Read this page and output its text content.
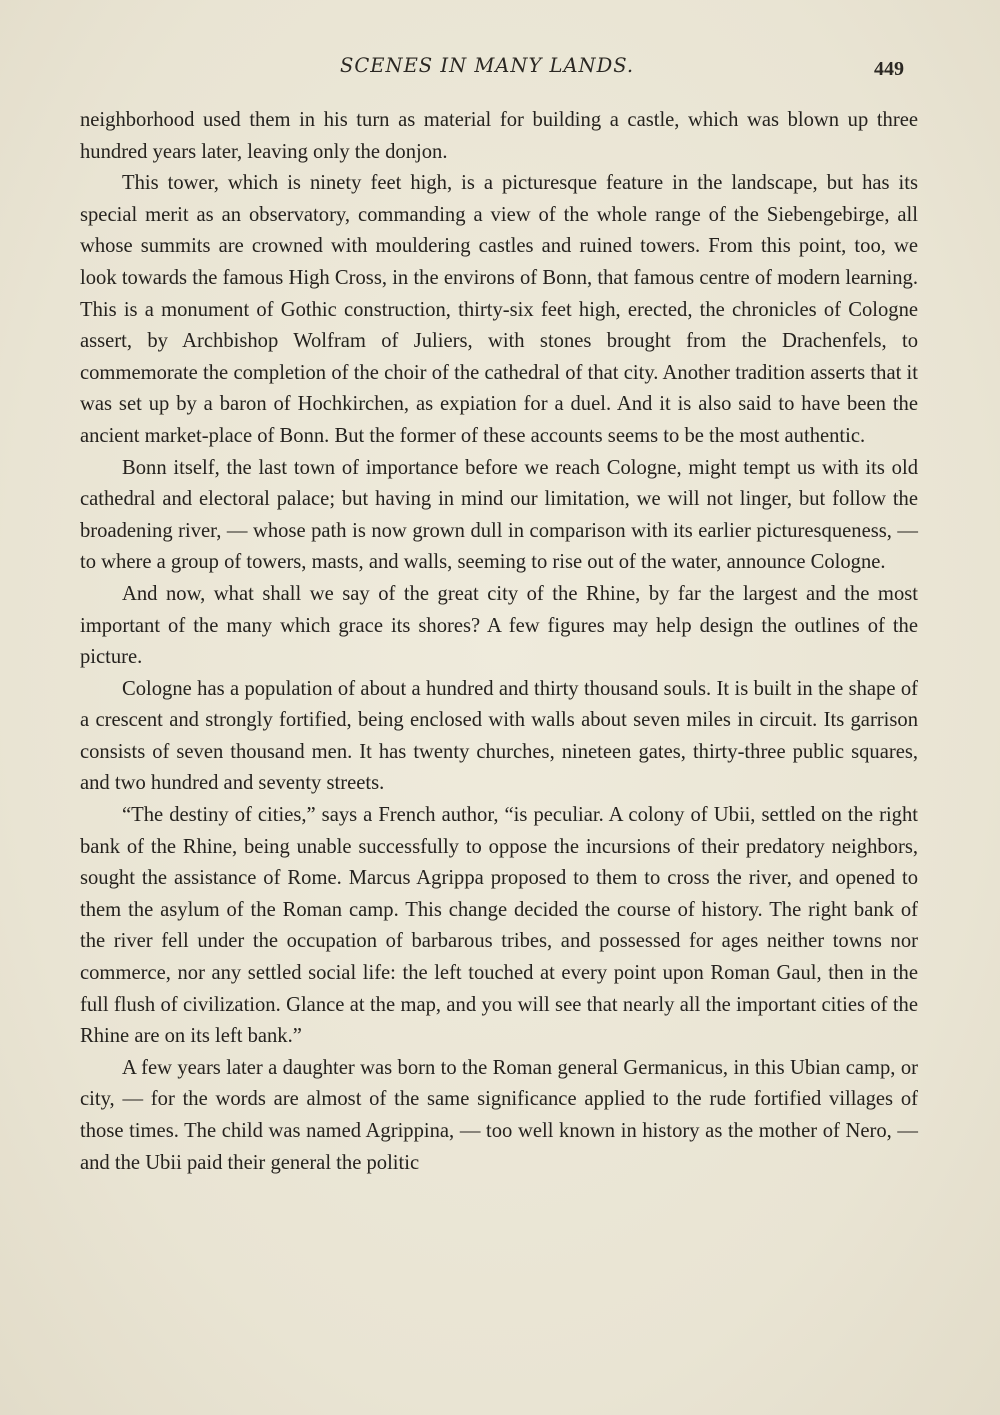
SCENES IN MANY LANDS.	449

neighborhood used them in his turn as material for building a castle, which was blown up three hundred years later, leaving only the donjon.

This tower, which is ninety feet high, is a picturesque feature in the landscape, but has its special merit as an observatory, commanding a view of the whole range of the Siebengebirge, all whose summits are crowned with mouldering castles and ruined towers. From this point, too, we look towards the famous High Cross, in the environs of Bonn, that famous centre of modern learning. This is a monument of Gothic construction, thirty-six feet high, erected, the chronicles of Cologne assert, by Archbishop Wolfram of Juliers, with stones brought from the Drachenfels, to commemorate the completion of the choir of the cathedral of that city. Another tradition asserts that it was set up by a baron of Hochkirchen, as expiation for a duel. And it is also said to have been the ancient market-place of Bonn. But the former of these accounts seems to be the most authentic.

Bonn itself, the last town of importance before we reach Cologne, might tempt us with its old cathedral and electoral palace; but having in mind our limitation, we will not linger, but follow the broadening river, — whose path is now grown dull in comparison with its earlier picturesqueness, — to where a group of towers, masts, and walls, seeming to rise out of the water, announce Cologne.

And now, what shall we say of the great city of the Rhine, by far the largest and the most important of the many which grace its shores? A few figures may help design the outlines of the picture.

Cologne has a population of about a hundred and thirty thousand souls. It is built in the shape of a crescent and strongly fortified, being enclosed with walls about seven miles in circuit. Its garrison consists of seven thousand men. It has twenty churches, nineteen gates, thirty-three public squares, and two hundred and seventy streets.

“The destiny of cities,” says a French author, “is peculiar. A colony of Ubii, settled on the right bank of the Rhine, being unable successfully to oppose the incursions of their predatory neighbors, sought the assistance of Rome. Marcus Agrippa proposed to them to cross the river, and opened to them the asylum of the Roman camp. This change decided the course of history. The right bank of the river fell under the occupation of barbarous tribes, and possessed for ages neither towns nor commerce, nor any settled social life: the left touched at every point upon Roman Gaul, then in the full flush of civilization. Glance at the map, and you will see that nearly all the important cities of the Rhine are on its left bank.”

A few years later a daughter was born to the Roman general Germanicus, in this Ubian camp, or city, — for the words are almost of the same significance applied to the rude fortified villages of those times. The child was named Agrippina, — too well known in history as the mother of Nero, — and the Ubii paid their general the politic
